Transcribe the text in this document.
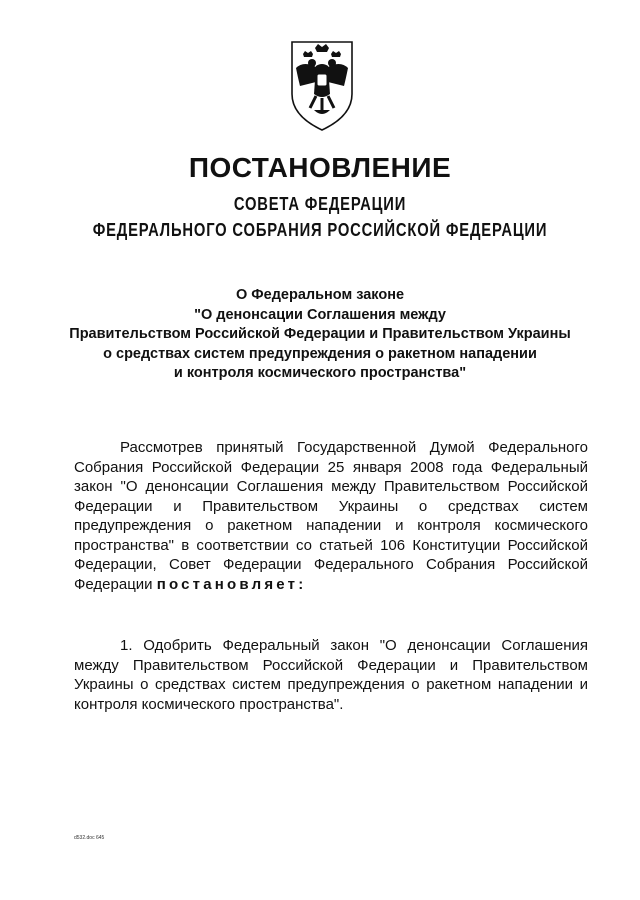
ПОСТАНОВЛЕНИЕ
СОВЕТА ФЕДЕРАЦИИ
ФЕДЕРАЛЬНОГО СОБРАНИЯ РОССИЙСКОЙ ФЕДЕРАЦИИ
О Федеральном законе
"О денонсации Соглашения между
Правительством Российской Федерации и Правительством Украины
о средствах систем предупреждения о ракетном нападении
и контроля космического пространства"

Рассмотрев принятый Государственной Думой Федерального Собрания Российской Федерации 25 января 2008 года Федеральный закон "О денонсации Соглашения между Правительством Российской Федерации и Правительством Украины о средствах систем предупреждения о ракетном нападении и контроля космического пространства" в соответствии со статьей 106 Конституции Российской Федерации, Совет Федерации Федерального Собрания Российской Федерации постановляет:

1. Одобрить Федеральный закон "О денонсации Соглашения между Правительством Российской Федерации и Правительством Украины о средствах систем предупреждения о ракетном нападении и контроля космического пространства".

d532.doc 645
